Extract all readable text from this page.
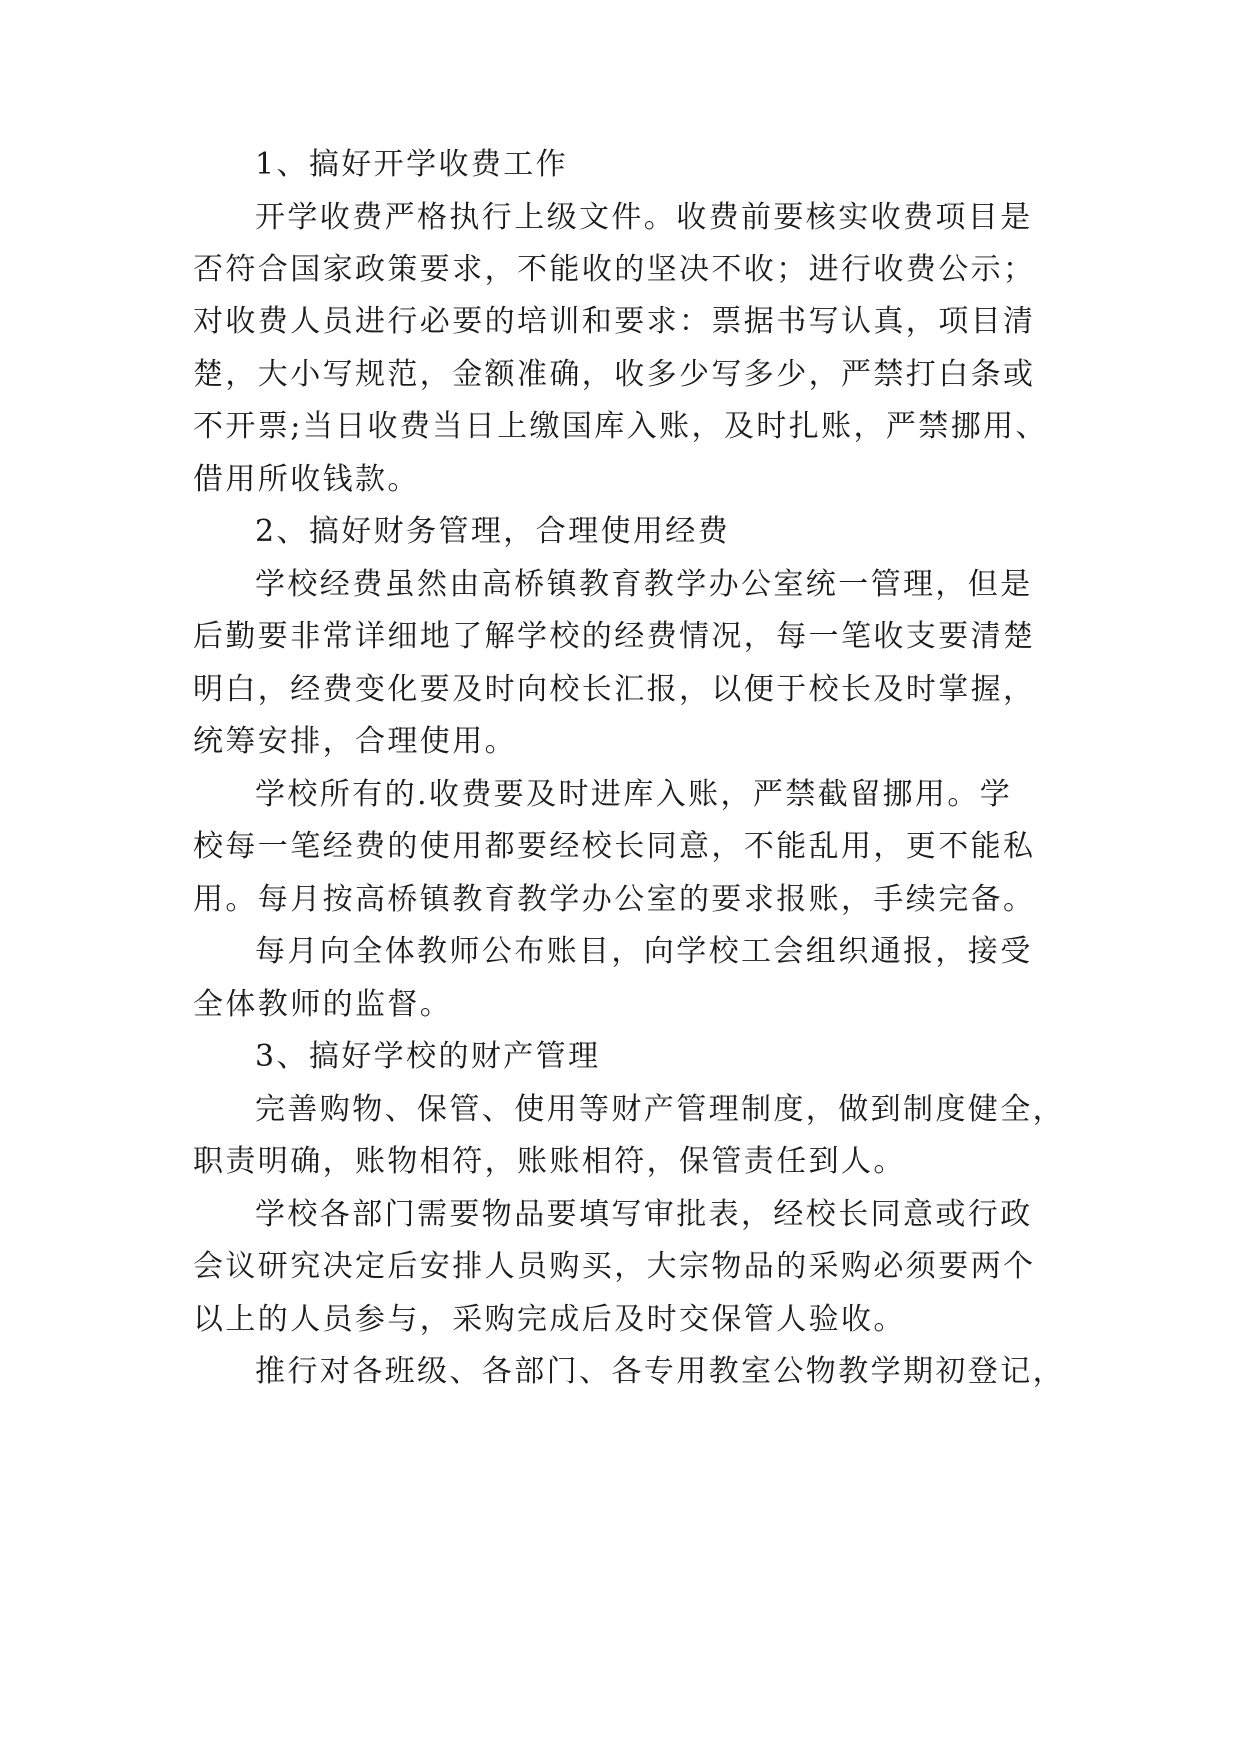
1、搞好开学收费工作

开学收费严格执行上级文件。收费前要核实收费项目是

否符合国家政策要求，不能收的坚决不收；进行收费公示；

对收费人员进行必要的培训和要求：票据书写认真，项目清

楚，大小写规范，金额准确，收多少写多少，严禁打白条或

不开票;当日收费当日上缴国库入账，及时扎账，严禁挪用、

借用所收钱款。

2、搞好财务管理，合理使用经费

学校经费虽然由高桥镇教育教学办公室统一管理，但是

后勤要非常详细地了解学校的经费情况，每一笔收支要清楚

明白，经费变化要及时向校长汇报，以便于校长及时掌握，

统筹安排，合理使用。

学校所有的.收费要及时进库入账，严禁截留挪用。学

校每一笔经费的使用都要经校长同意，不能乱用，更不能私

用。每月按高桥镇教育教学办公室的要求报账，手续完备。

每月向全体教师公布账目，向学校工会组织通报，接受

全体教师的监督。

3、搞好学校的财产管理

完善购物、保管、使用等财产管理制度，做到制度健全，

职责明确，账物相符，账账相符，保管责任到人。

学校各部门需要物品要填写审批表，经校长同意或行政

会议研究决定后安排人员购买，大宗物品的采购必须要两个

以上的人员参与，采购完成后及时交保管人验收。

推行对各班级、各部门、各专用教室公物教学期初登记，
